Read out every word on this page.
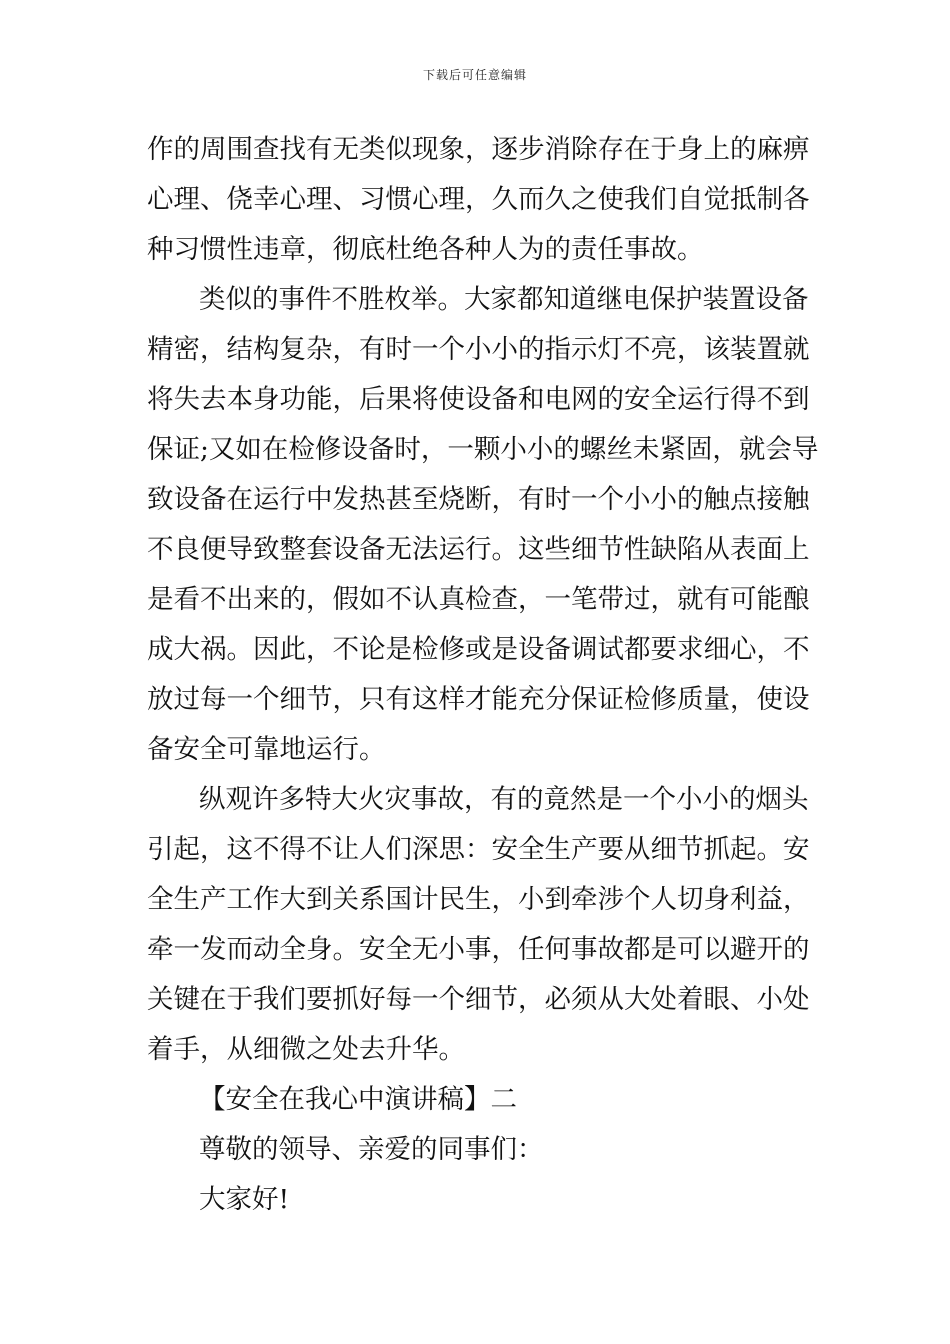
下载后可任意编辑
作的周围查找有无类似现象，逐步消除存在于身上的麻痹
心理、侥幸心理、习惯心理，久而久之使我们自觉抵制各
种习惯性违章，彻底杜绝各种人为的责任事故。
类似的事件不胜枚举。大家都知道继电保护装置设备
精密，结构复杂，有时一个小小的指示灯不亮，该装置就
将失去本身功能，后果将使设备和电网的安全运行得不到
保证;又如在检修设备时，一颗小小的螺丝未紧固，就会导
致设备在运行中发热甚至烧断，有时一个小小的触点接触
不良便导致整套设备无法运行。这些细节性缺陷从表面上
是看不出来的，假如不认真检查，一笔带过，就有可能酿
成大祸。因此，不论是检修或是设备调试都要求细心，不
放过每一个细节，只有这样才能充分保证检修质量，使设
备安全可靠地运行。
纵观许多特大火灾事故，有的竟然是一个小小的烟头
引起，这不得不让人们深思：安全生产要从细节抓起。安
全生产工作大到关系国计民生，小到牵涉个人切身利益，
牵一发而动全身。安全无小事，任何事故都是可以避开的
关键在于我们要抓好每一个细节，必须从大处着眼、小处
着手，从细微之处去升华。
【安全在我心中演讲稿】二
尊敬的领导、亲爱的同事们：
大家好!
